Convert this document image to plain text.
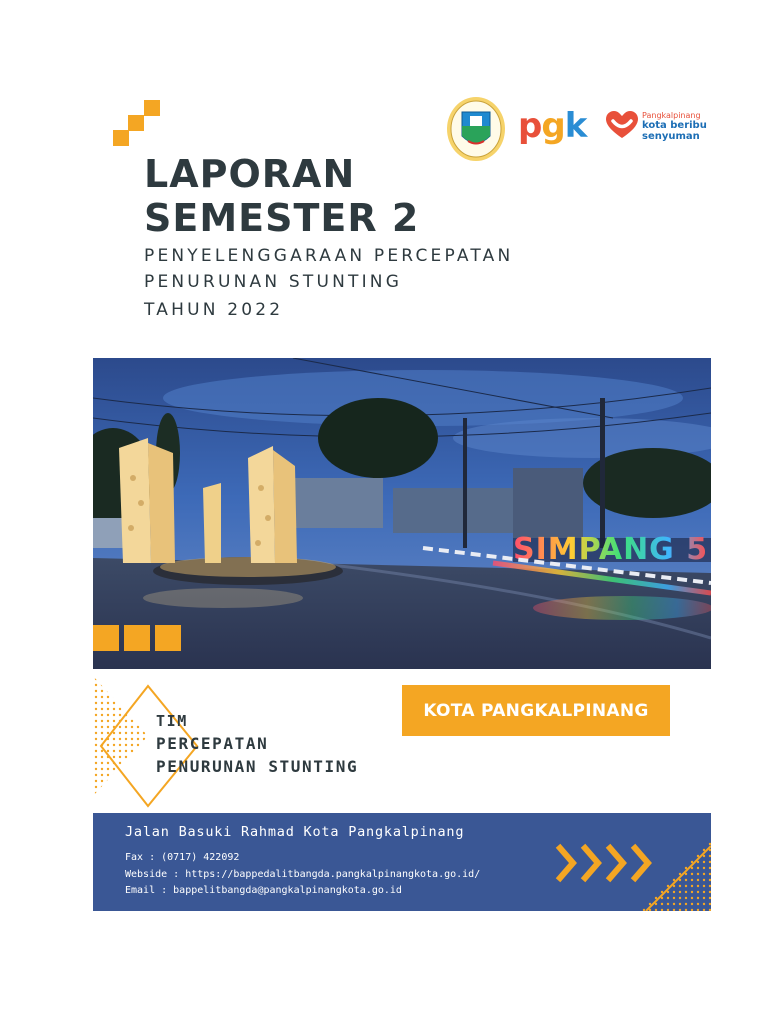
LAPORAN
SEMESTER 2

PENYELENGGARAAN PERCEPATAN

PENURUNAN STUNTING

TAHUN 2022

pgk	Pangkalpinang
kota beribu
senyuman
SIMPANG 5
KOTA PANGKALPINANG
TIM
PERCEPATAN
PENURUNAN STUNTING
Jalan Basuki Rahmad Kota Pangkalpinang
Fax : (0717) 422092
Webside : https://bappedalitbangda.pangkalpinangkota.go.id/
Email : bappelitbangda@pangkalpinangkota.go.id
